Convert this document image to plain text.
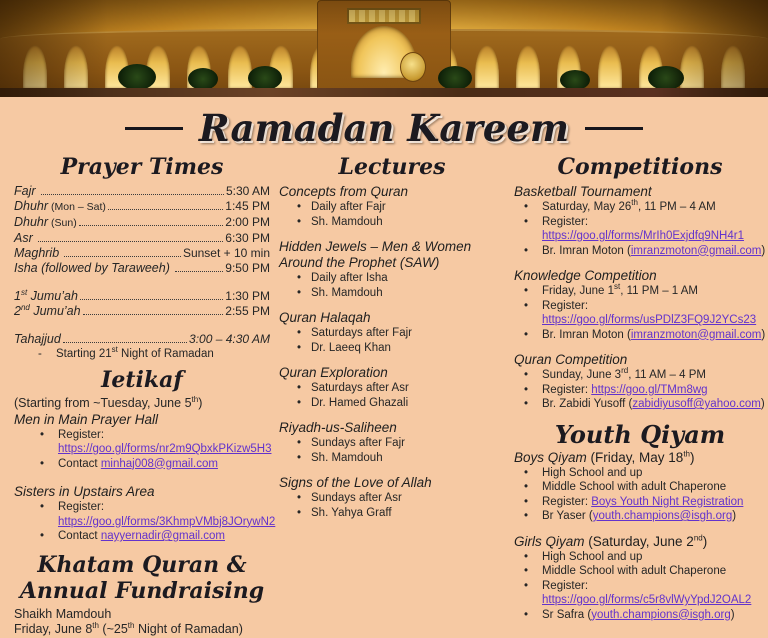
Ramadan Kareem
Prayer Times
Fajr	5:30 AM
Dhuhr (Mon – Sat)	1:45 PM
Dhuhr (Sun)	2:00 PM
Asr	6:30 PM
Maghrib	Sunset + 10 min
Isha (followed by Taraweeh)	9:50 PM
1st Jumu’ah	1:30 PM
2nd Jumu’ah	2:55 PM
Tahajjud	3:00 – 4:30 AM
- Starting 21st Night of Ramadan
Ietikaf
(Starting from ~Tuesday, June 5th)
Men in Main Prayer Hall
• Register: https://goo.gl/forms/nr2m9QbxkPKizw5H3
• Contact minhaj008@gmail.com
Sisters in Upstairs Area
• Register: https://goo.gl/forms/3KhmpVMbj8JOrywN2
• Contact nayyernadir@gmail.com
Khatam Quran &
Annual Fundraising
Shaikh Mamdouh
Friday, June 8th (~25th Night of Ramadan)
Lectures
Concepts from Quran
• Daily after Fajr
• Sh. Mamdouh
Hidden Jewels – Men & Women Around the Prophet (SAW)
• Daily after Isha
• Sh. Mamdouh
Quran Halaqah
• Saturdays after Fajr
• Dr. Laeeq Khan
Quran Exploration
• Saturdays after Asr
• Dr. Hamed Ghazali
Riyadh-us-Saliheen
• Sundays after Fajr
• Sh. Mamdouh
Signs of the Love of Allah
• Sundays after Asr
• Sh. Yahya Graff
Competitions
Basketball Tournament
• Saturday, May 26th, 11 PM – 4 AM
• Register: https://goo.gl/forms/MrIh0Exjdfq9NH4r1
• Br. Imran Moton (imranzmoton@gmail.com)
Knowledge Competition
• Friday, June 1st, 11 PM – 1 AM
• Register: https://goo.gl/forms/usPDlZ3FQ9J2YCs23
• Br. Imran Moton (imranzmoton@gmail.com)
Quran Competition
• Sunday, June 3rd, 11 AM – 4 PM
• Register: https://goo.gl/TMm8wg
• Br. Zabidi Yusoff (zabidiyusoff@yahoo.com)
Youth Qiyam
Boys Qiyam (Friday, May 18th)
• High School and up
• Middle School with adult Chaperone
• Register: Boys Youth Night Registration
• Br Yaser (youth.champions@isgh.org)
Girls Qiyam (Saturday, June 2nd)
• High School and up
• Middle School with adult Chaperone
• Register: https://goo.gl/forms/c5r8vlWyYpdJ2OAL2
• Sr Safra (youth.champions@isgh.org)
